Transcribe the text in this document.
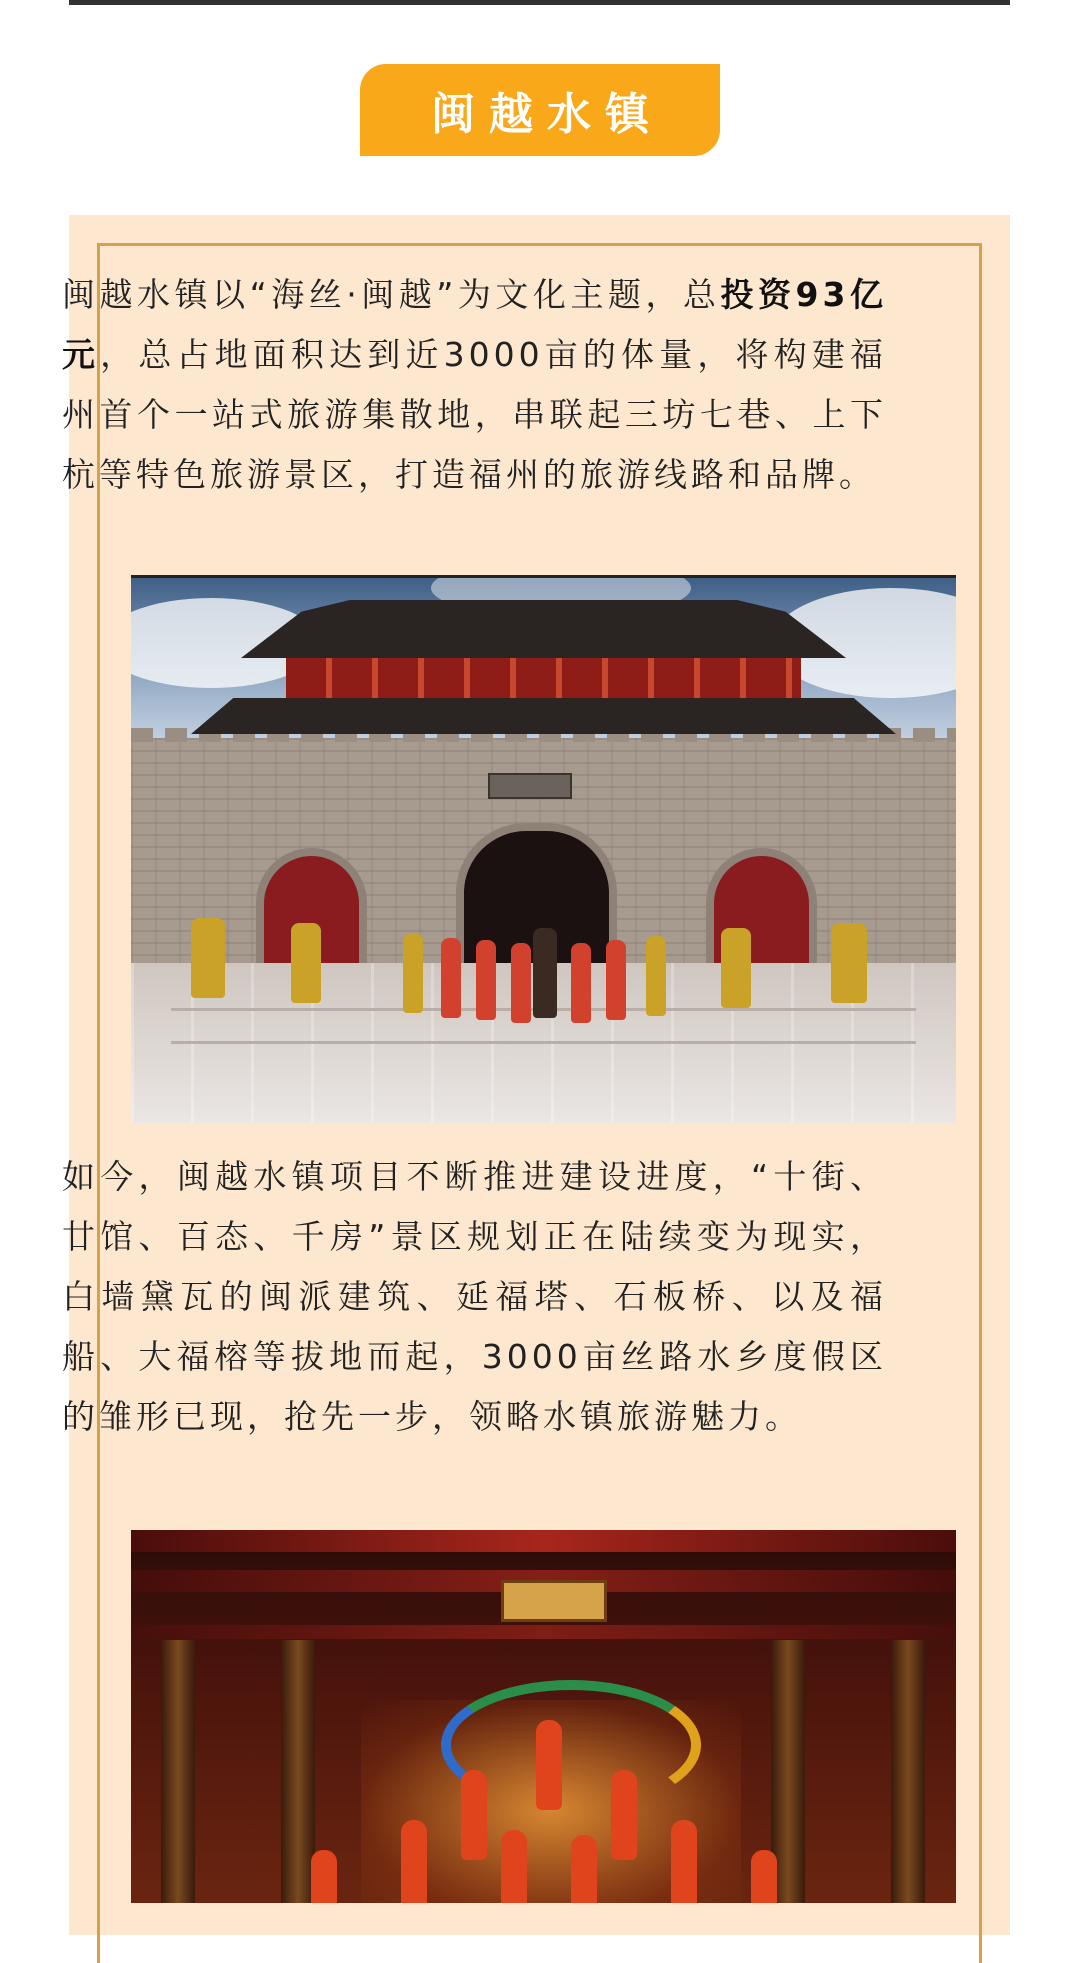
闽越水镇

闽越水镇以“海丝·闽越”为文化主题，总投资93亿元，总占地面积达到近3000亩的体量，将构建福州首个一站式旅游集散地，串联起三坊七巷、上下杭等特色旅游景区，打造福州的旅游线路和品牌。

如今，闽越水镇项目不断推进建设进度，“十街、廿馆、百态、千房”景区规划正在陆续变为现实，白墙黛瓦的闽派建筑、延福塔、石板桥、以及福船、大福榕等拔地而起，3000亩丝路水乡度假区的雏形已现，抢先一步，领略水镇旅游魅力。
